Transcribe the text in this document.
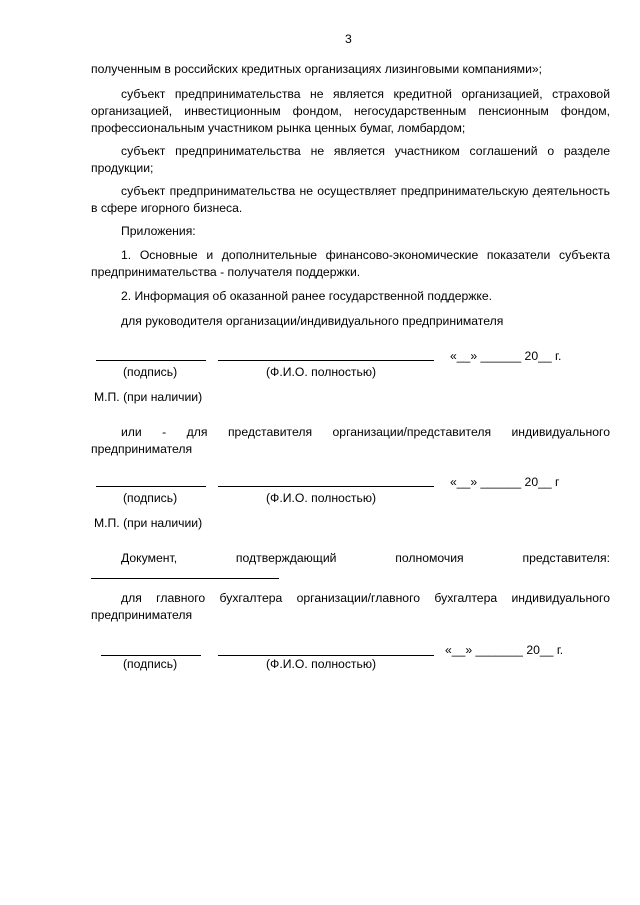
3
полученным в российских кредитных организациях лизинговыми компаниями»;
субъект предпринимательства не является кредитной организацией, страховой организацией, инвестиционным фондом, негосударственным пенсионным фондом, профессиональным участником рынка ценных бумаг, ломбардом;
субъект предпринимательства не является участником соглашений о разделе продукции;
субъект предпринимательства не осуществляет предпринимательскую деятельность в сфере игорного бизнеса.
Приложения:
1. Основные и дополнительные финансово-экономические показатели субъекта предпринимательства - получателя поддержки.
2. Информация об оказанной ранее государственной поддержке.
для руководителя организации/индивидуального предпринимателя
«__» ______ 20__ г.
(подпись)	(Ф.И.О. полностью)
М.П. (при наличии)
или - для представителя организации/представителя индивидуального предпринимателя
«__» ______ 20__ г
(подпись)	(Ф.И.О. полностью)
М.П. (при наличии)
Документ, подтверждающий полномочия представителя:
для главного бухгалтера организации/главного бухгалтера индивидуального предпринимателя
«__» _______ 20__ г.
(подпись)	(Ф.И.О. полностью)
